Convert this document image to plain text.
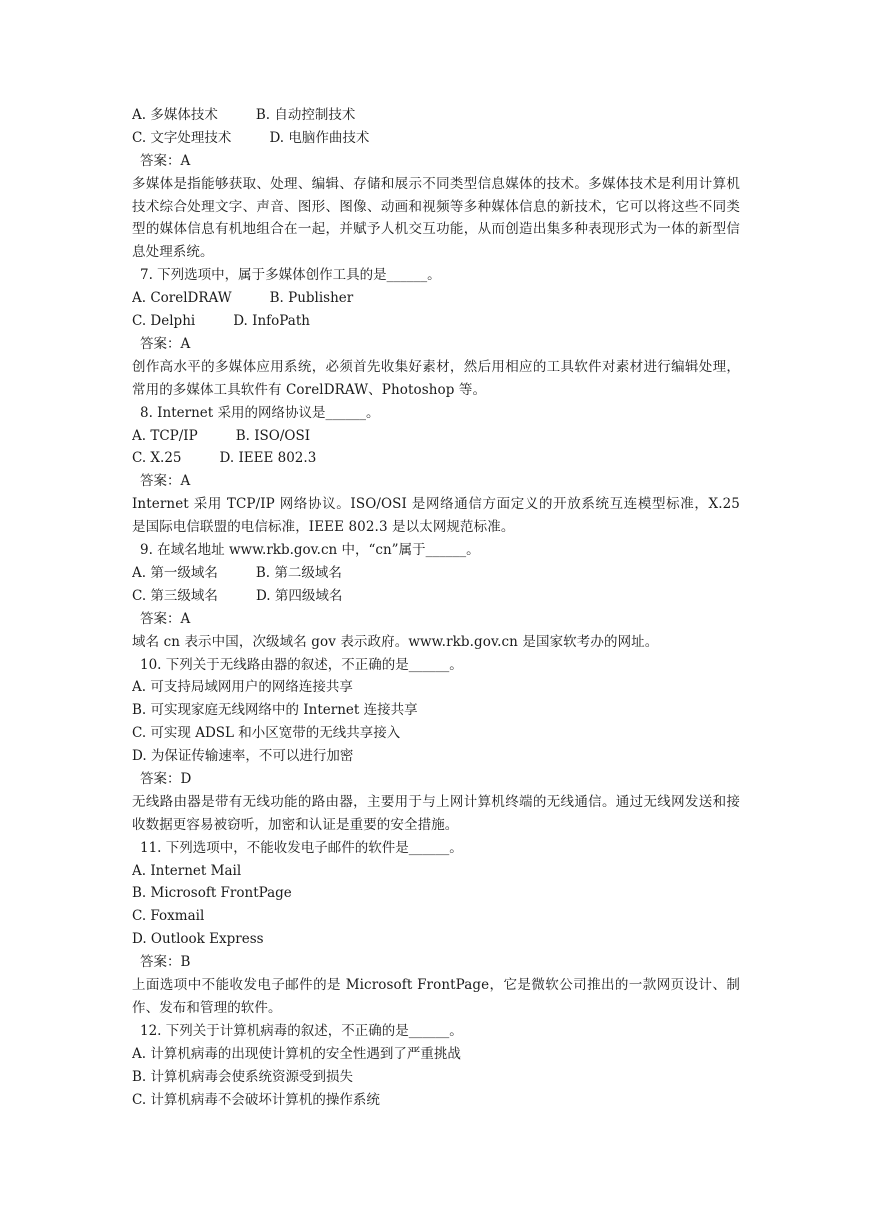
A. 多媒体技术	B. 自动控制技术
C. 文字处理技术	D. 电脑作曲技术
答案：A
多媒体是指能够获取、处理、编辑、存储和展示不同类型信息媒体的技术。多媒体技术是利用计算机技术综合处理文字、声音、图形、图像、动画和视频等多种媒体信息的新技术，它可以将这些不同类型的媒体信息有机地组合在一起，并赋予人机交互功能，从而创造出集多种表现形式为一体的新型信息处理系统。
7. 下列选项中，属于多媒体创作工具的是______。
A. CorelDRAW	B. Publisher
C. Delphi	D. InfoPath
答案：A
创作高水平的多媒体应用系统，必须首先收集好素材，然后用相应的工具软件对素材进行编辑处理，常用的多媒体工具软件有 CorelDRAW、Photoshop 等。
8. Internet 采用的网络协议是______。
A. TCP/IP	B. ISO/OSI
C. X.25	D. IEEE 802.3
答案：A
Internet 采用 TCP/IP 网络协议。ISO/OSI 是网络通信方面定义的开放系统互连模型标准，X.25 是国际电信联盟的电信标准，IEEE 802.3 是以太网规范标准。
9. 在域名地址 www.rkb.gov.cn 中，“cn”属于______。
A. 第一级域名	B. 第二级域名
C. 第三级域名	D. 第四级域名
答案：A
域名 cn 表示中国，次级域名 gov 表示政府。www.rkb.gov.cn 是国家软考办的网址。
10. 下列关于无线路由器的叙述，不正确的是______。
A. 可支持局域网用户的网络连接共享
B. 可实现家庭无线网络中的 Internet 连接共享
C. 可实现 ADSL 和小区宽带的无线共享接入
D. 为保证传输速率，不可以进行加密
答案：D
无线路由器是带有无线功能的路由器，主要用于与上网计算机终端的无线通信。通过无线网发送和接收数据更容易被窃听，加密和认证是重要的安全措施。
11. 下列选项中，不能收发电子邮件的软件是______。
A. Internet Mail
B. Microsoft FrontPage
C. Foxmail
D. Outlook Express
答案：B
上面选项中不能收发电子邮件的是 Microsoft FrontPage，它是微软公司推出的一款网页设计、制作、发布和管理的软件。
12. 下列关于计算机病毒的叙述，不正确的是______。
A. 计算机病毒的出现使计算机的安全性遇到了严重挑战
B. 计算机病毒会使系统资源受到损失
C. 计算机病毒不会破坏计算机的操作系统
